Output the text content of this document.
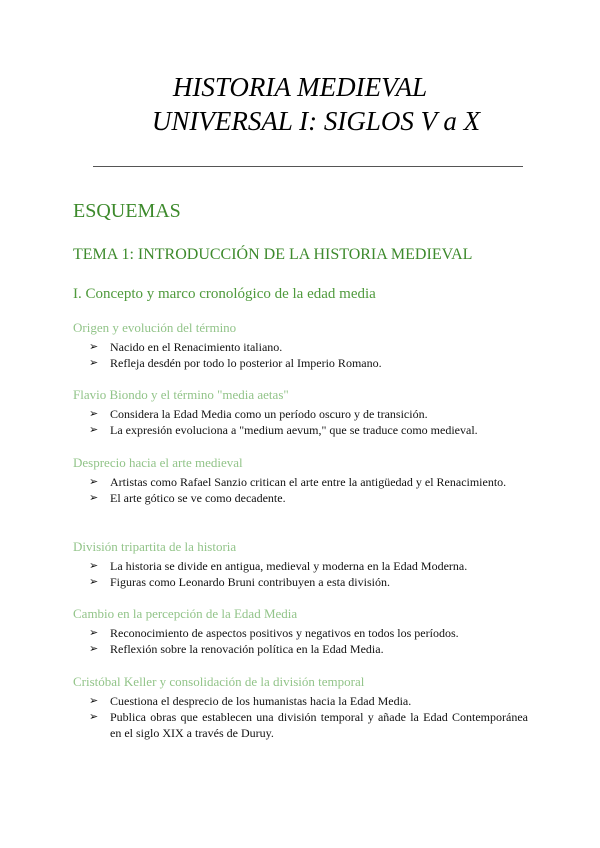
HISTORIA MEDIEVAL
UNIVERSAL I: SIGLOS V a X
ESQUEMAS
TEMA 1: INTRODUCCIÓN DE LA HISTORIA MEDIEVAL
I. Concepto y marco cronológico de la edad media
Origen y evolución del término
➢ Nacido en el Renacimiento italiano.
➢ Refleja desdén por todo lo posterior al Imperio Romano.
Flavio Biondo y el término "media aetas"
➢ Considera la Edad Media como un período oscuro y de transición.
➢ La expresión evoluciona a "medium aevum," que se traduce como medieval.
Desprecio hacia el arte medieval
➢ Artistas como Rafael Sanzio critican el arte entre la antigüedad y el Renacimiento.
➢ El arte gótico se ve como decadente.
División tripartita de la historia
➢ La historia se divide en antigua, medieval y moderna en la Edad Moderna.
➢ Figuras como Leonardo Bruni contribuyen a esta división.
Cambio en la percepción de la Edad Media
➢ Reconocimiento de aspectos positivos y negativos en todos los períodos.
➢ Reflexión sobre la renovación política en la Edad Media.
Cristóbal Keller y consolidación de la división temporal
➢ Cuestiona el desprecio de los humanistas hacia la Edad Media.
➢ Publica obras que establecen una división temporal y añade la Edad Contemporánea en el siglo XIX a través de Duruy.
